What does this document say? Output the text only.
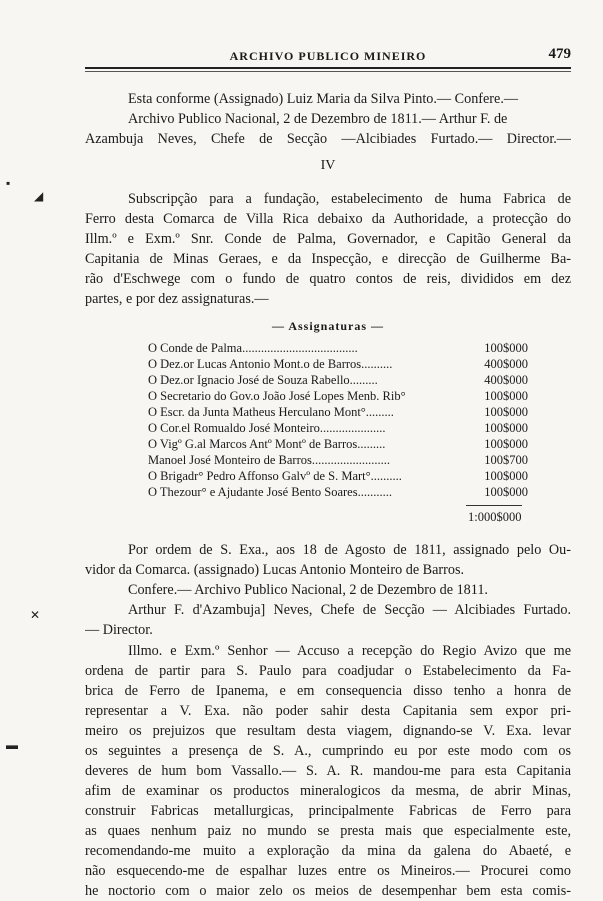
ARCHIVO PUBLICO MINEIRO	479
▪
◢
✕
▬
Esta conforme (Assignado) Luiz Maria da Silva Pinto.— Confere.—
Archivo Publico Nacional, 2 de Dezembro de 1811.— Arthur F. de
Azambuja Neves, Chefe de Secção —Alcibiades Furtado.— Director.—
IV
Subscripção para a fundação, estabelecimento de huma Fabrica de
Ferro desta Comarca de Villa Rica debaixo da Authoridade, a protecção do
Illm.º e Exm.º Snr. Conde de Palma, Governador, e Capitão General da
Capitania de Minas Geraes, e da Inspecção, e direcção de Guilherme Ba-
rão d'Eschwege com o fundo de quatro contos de reis, divididos em dez
partes, e por dez assignaturas.—
— Assignaturas —
O Conde de Palma.....................................	100$000
O Dez.or Lucas Antonio Mont.o de Barros..........	400$000
O Dez.or Ignacio José de Souza Rabello.........	400$000
O Secretario do Gov.o João José Lopes Menb. Rib°	100$000
O Escr. da Junta Matheus Herculano Mont°.........	100$000
O Cor.el Romualdo José Monteiro.....................	100$000
O Vigº G.al Marcos Antº Montº de Barros.........	100$000
Manoel José Monteiro de Barros.........................	100$700
O Brigadr° Pedro Affonso Galvº de S. Mart°..........	100$000
O Thezour° e Ajudante José Bento Soares...........	100$000
1:000$000
Por ordem de S. Exa., aos 18 de Agosto de 1811, assignado pelo Ou-
vidor da Comarca. (assignado) Lucas Antonio Monteiro de Barros.
Confere.— Archivo Publico Nacional, 2 de Dezembro de 1811.
Arthur F. d'Azambuja] Neves, Chefe de Secção — Alcibiades Furtado.
— Director.
Illmo. e Exm.º Senhor — Accuso a recepção do Regio Avizo que me
ordena de partir para S. Paulo para coadjudar o Estabelecimento da Fa-
brica de Ferro de Ipanema, e em consequencia disso tenho a honra de
representar a V. Exa. não poder sahir desta Capitania sem expor pri-
meiro os prejuizos que resultam desta viagem, dignando-se V. Exa. levar
os seguintes a presença de S. A., cumprindo eu por este modo com os
deveres de hum bom Vassallo.— S. A. R. mandou-me para esta Capitania
afim de examinar os productos mineralogicos da mesma, de abrir Minas,
construir Fabricas metallurgicas, principalmente Fabricas de Ferro para
as quaes nenhum paiz no mundo se presta mais que especialmente este,
recomendando-me muito a exploração da mina da galena do Abaeté, e
não esquecendo-me de espalhar luzes entre os Mineiros.— Procurei como
he noctorio com o maior zelo os meios de desempenhar bem esta comis-
